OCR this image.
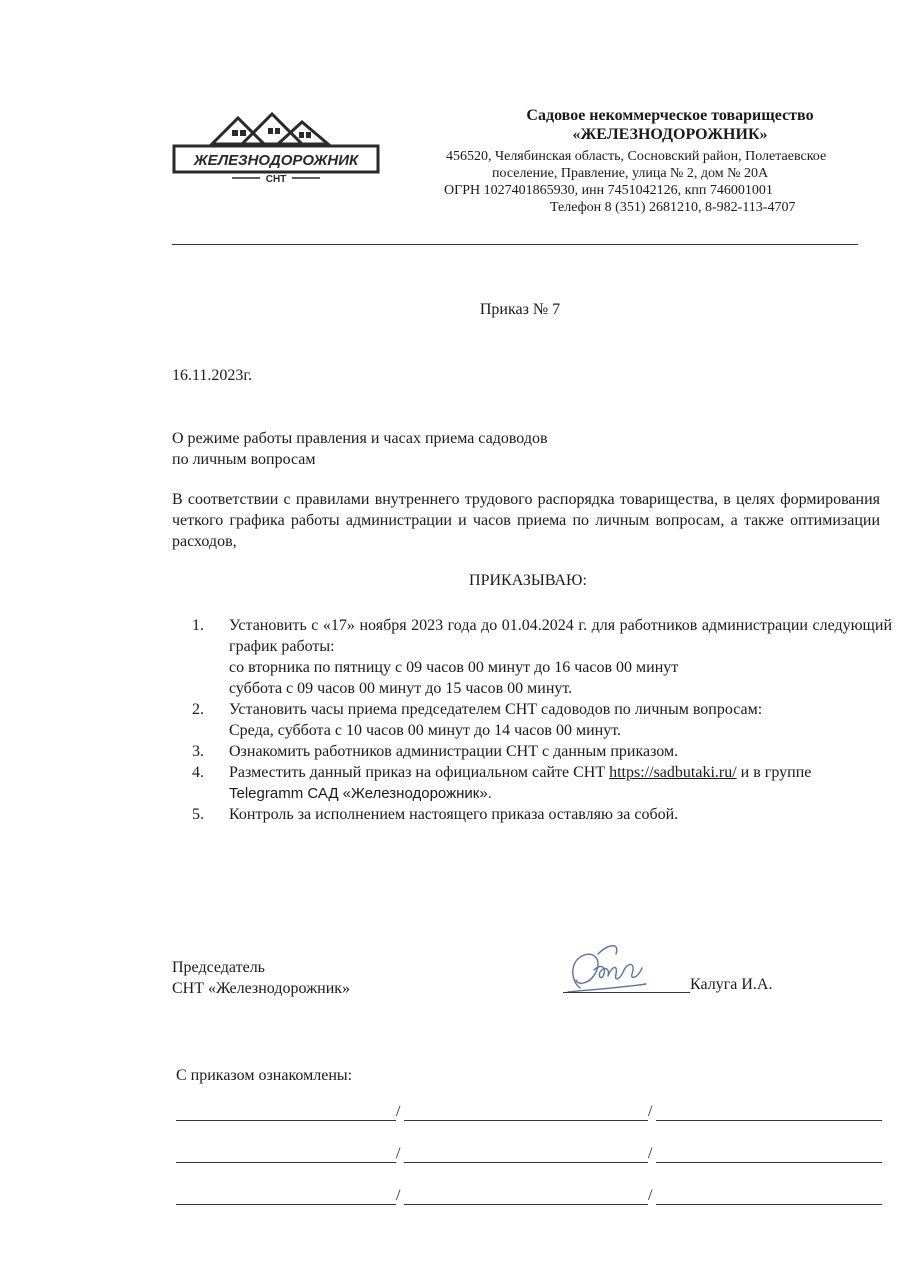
ЖЕЛЕЗНОДОРОЖНИК
СНТ
Садовое некоммерческое товарищество
«ЖЕЛЕЗНОДОРОЖНИК»
456520, Челябинская область, Сосновский район, Полетаевское
поселение, Правление, улица № 2, дом № 20А
ОГРН 1027401865930, инн 7451042126, кпп 746001001
Телефон 8 (351) 2681210, 8-982-113-4707
Приказ № 7
16.11.2023г.
О режиме работы правления и часах приема садоводов
по личным вопросам
В соответствии с правилами внутреннего трудового распорядка товарищества, в целях формирования четкого графика работы администрации и часов приема по личным вопросам, а также оптимизации расходов,
ПРИКАЗЫВАЮ:
1.	Установить с «17» ноября 2023 года до 01.04.2024 г. для работников администрации следующий график работы:
со вторника по пятницу с 09 часов 00 минут до 16 часов 00 минут
суббота с 09 часов 00 минут до 15 часов 00 минут.
2.	Установить часы приема председателем СНТ садоводов по личным вопросам:
Среда, суббота с 10 часов 00 минут до 14 часов 00 минут.
3.	Ознакомить работников администрации СНТ с данным приказом.
4.	Разместить данный приказ на официальном сайте СНТ https://sadbutaki.ru/ и в группе
Telegramm САД «Железнодорожник».
5.	Контроль за исполнением настоящего приказа оставляю за собой.
Председатель
СНТ «Железнодорожник»	Калуга И.А.
С приказом ознакомлены:
/	/
/	/
/	/
